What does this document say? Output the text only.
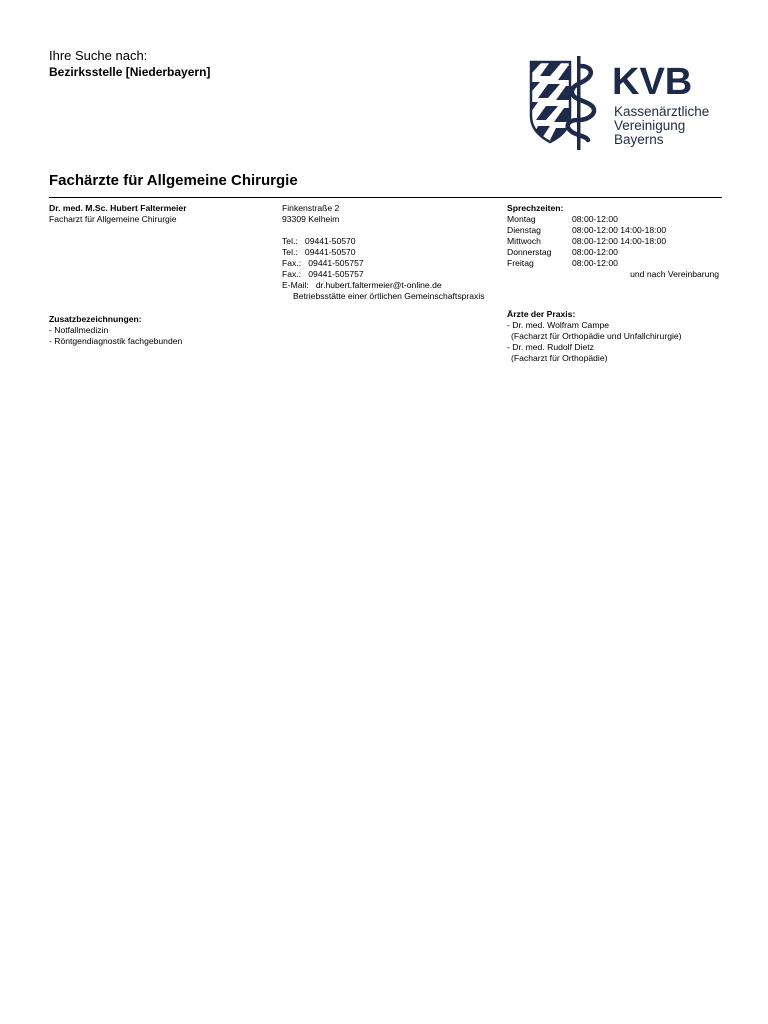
Ihre Suche nach:
Bezirksstelle [Niederbayern]	KVB
Kassenärztliche
Vereinigung
Bayerns
Fachärzte für Allgemeine Chirurgie
Dr. med. M.Sc. Hubert Faltermeier
Facharzt für Allgemeine Chirurgie
Finkenstraße 2
93309 Kelheim
Tel.:   09441-50570
Tel.:   09441-50570
Fax.:   09441-505757
Fax.:   09441-505757
E-Mail:   dr.hubert.faltermeier@t-online.de
Betriebsstätte einer örtlichen Gemeinschaftspraxis
Sprechzeiten:
Montag	08:00-12:00
Dienstag	08:00-12:00 14:00-18:00
Mittwoch	08:00-12:00 14:00-18:00
Donnerstag	08:00-12:00
Freitag	08:00-12:00
und nach Vereinbarung
Zusatzbezeichnungen:
- Notfallmedizin
- Röntgendiagnostik fachgebunden
Ärzte der Praxis:
- Dr. med. Wolfram Campe
(Facharzt für Orthopädie und Unfallchirurgie)
- Dr. med. Rudolf Dietz
(Facharzt für Orthopädie)
